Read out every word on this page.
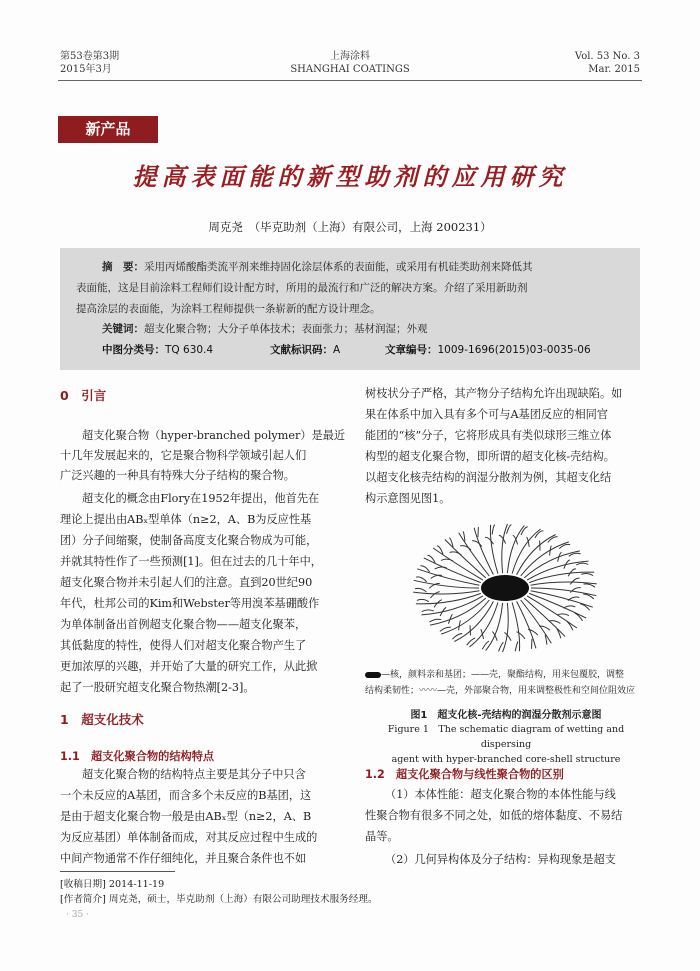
第53卷第3期
2015年3月
上海涂料
SHANGHAI COATINGS
Vol. 53 No. 3
Mar. 2015
新产品
提高表面能的新型助剂的应用研究
周克尧　（毕克助剂（上海）有限公司，上海 200231）
摘　要：采用丙烯酸酯类流平剂来维持固化涂层体系的表面能，或采用有机硅类助剂来降低其
表面能，这是目前涂料工程师们设计配方时，所用的最流行和广泛的解决方案。介绍了采用新助剂
提高涂层的表面能，为涂料工程师提供一条崭新的配方设计理念。
关键词：超支化聚合物；大分子单体技术；表面张力；基材润湿；外观
中图分类号：TQ 630.4	文献标识码：A	文章编号：1009-1696(2015)03-0035-06
0　引言
超支化聚合物（hyper-branched polymer）是最近
十几年发展起来的，它是聚合物科学领域引起人们
广泛兴趣的一种具有特殊大分子结构的聚合物。
超支化的概念由Flory在1952年提出，他首先在
理论上提出由ABₓ型单体（n≥2，A、B为反应性基
团）分子间缩聚，使制备高度支化聚合物成为可能，
并就其特性作了一些预测[1]。但在过去的几十年中，
超支化聚合物并未引起人们的注意。直到20世纪90
年代，杜邦公司的Kim和Webster等用溴苯基硼酸作
为单体制备出首例超支化聚合物——超支化聚苯，
其低黏度的特性，使得人们对超支化聚合物产生了
更加浓厚的兴趣，并开始了大量的研究工作，从此掀
起了一股研究超支化聚合物热潮[2-3]。
1　超支化技术
1.1　超支化聚合物的结构特点
超支化聚合物的结构特点主要是其分子中只含
一个未反应的A基团，而含多个未反应的B基团，这
是由于超支化聚合物一般是由ABₓ型（n≥2，A、B
为反应基团）单体制备而成，对其反应过程中生成的
中间产物通常不作仔细纯化，并且聚合条件也不如
树枝状分子严格，其产物分子结构允许出现缺陷。如
果在体系中加入具有多个可与A基团反应的相同官
能团的“核”分子，它将形成具有类似球形三维立体
构型的超支化聚合物，即所谓的超支化核-壳结构。
以超支化核壳结构的润湿分散剂为例，其超支化结
构示意图见图1。
—核，颜料亲和基团；——壳，聚酯结构，用来包覆胶，调整
结构柔韧性；〰〰—壳，外部聚合物，用来调整极性和空间位阻效应
图1　超支化核-壳结构的润湿分散剂示意图
Figure 1　The schematic diagram of wetting and dispersing
agent with hyper-branched core-shell structure
1.2　超支化聚合物与线性聚合物的区别
（1）本体性能：超支化聚合物的本体性能与线
性聚合物有很多不同之处，如低的熔体黏度、不易结
晶等。
（2）几何异构体及分子结构：异构现象是超支
[收稿日期] 2014-11-19
[作者简介] 周克尧，硕士，毕克助剂（上海）有限公司助理技术服务经理。
· 35 ·
